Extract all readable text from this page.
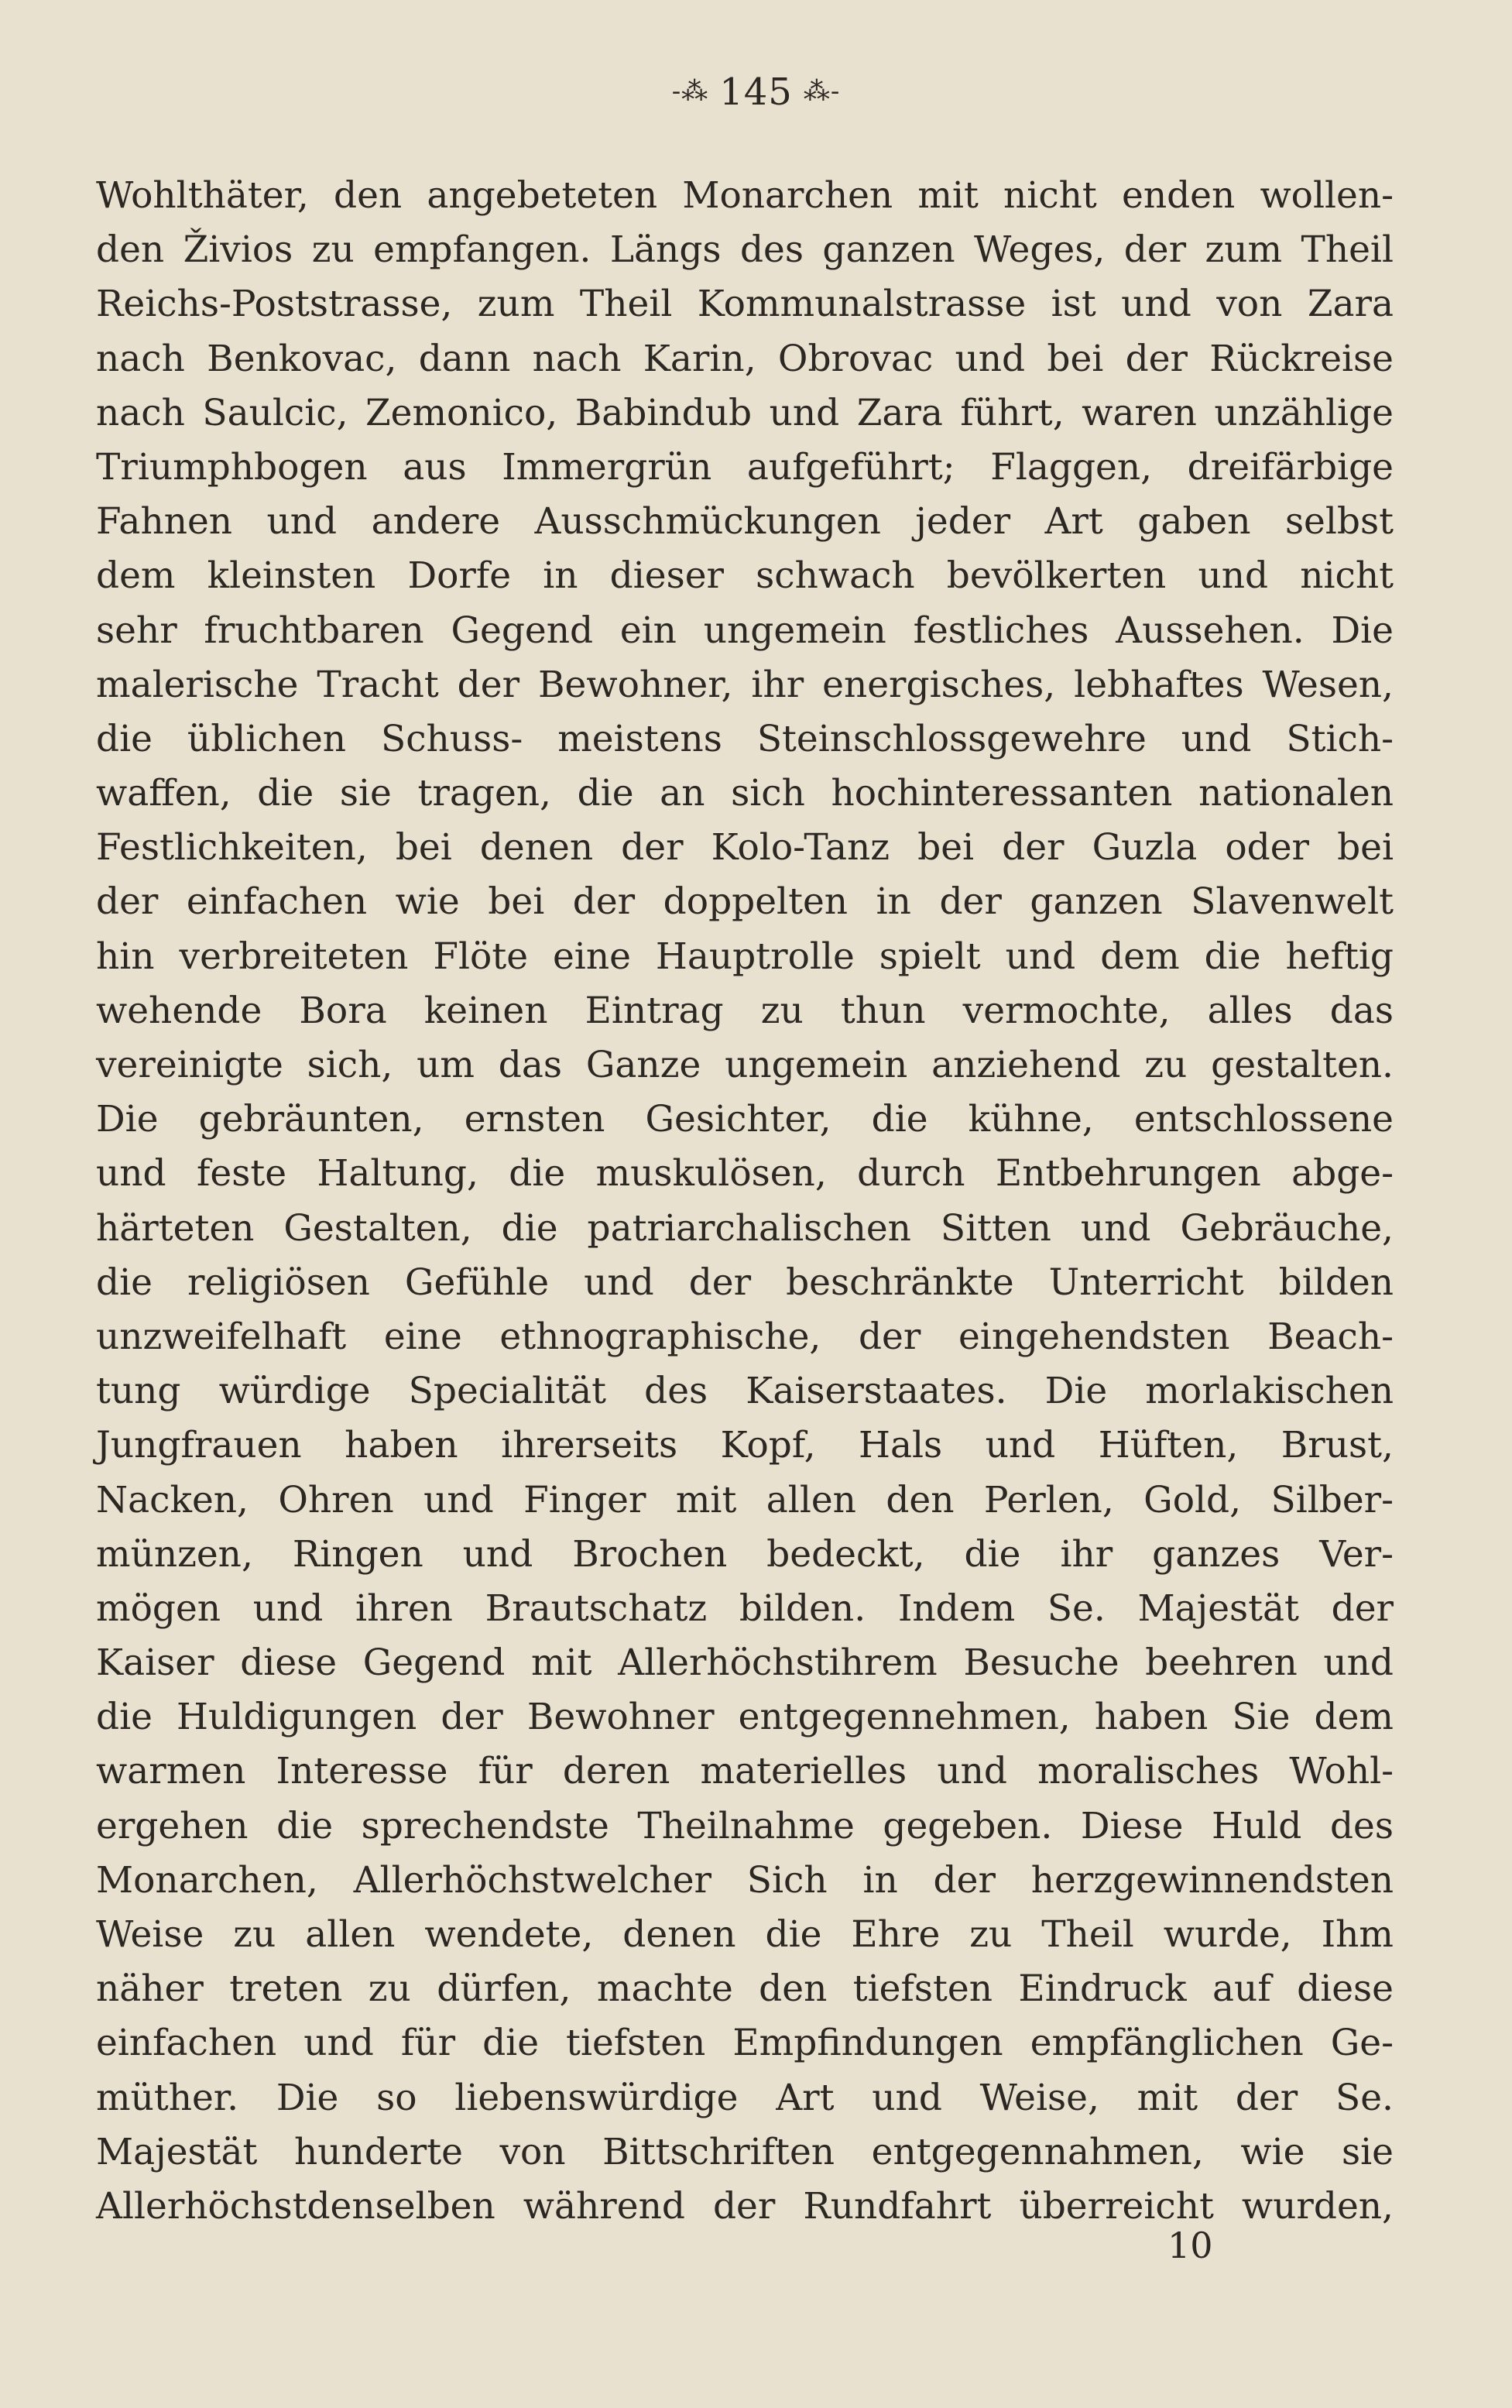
-⁂ 145 ⁂-
Wohlthäter, den angebeteten Monarchen mit nicht enden wollen-
den Živios zu empfangen. Längs des ganzen Weges, der zum Theil
Reichs-Poststrasse, zum Theil Kommunalstrasse ist und von Zara
nach Benkovac, dann nach Karin, Obrovac und bei der Rückreise
nach Saulcic, Zemonico, Babindub und Zara führt, waren unzählige
Triumphbogen aus Immergrün aufgeführt; Flaggen, dreifärbige
Fahnen und andere Ausschmückungen jeder Art gaben selbst
dem kleinsten Dorfe in dieser schwach bevölkerten und nicht
sehr fruchtbaren Gegend ein ungemein festliches Aussehen. Die
malerische Tracht der Bewohner, ihr energisches, lebhaftes Wesen,
die üblichen Schuss- meistens Steinschlossgewehre und Stich-
waffen, die sie tragen, die an sich hochinteressanten nationalen
Festlichkeiten, bei denen der Kolo-Tanz bei der Guzla oder bei
der einfachen wie bei der doppelten in der ganzen Slavenwelt
hin verbreiteten Flöte eine Hauptrolle spielt und dem die heftig
wehende Bora keinen Eintrag zu thun vermochte, alles das
vereinigte sich, um das Ganze ungemein anziehend zu gestalten.
Die gebräunten, ernsten Gesichter, die kühne, entschlossene
und feste Haltung, die muskulösen, durch Entbehrungen abge-
härteten Gestalten, die patriarchalischen Sitten und Gebräuche,
die religiösen Gefühle und der beschränkte Unterricht bilden
unzweifelhaft eine ethnographische, der eingehendsten Beach-
tung würdige Specialität des Kaiserstaates. Die morlakischen
Jungfrauen haben ihrerseits Kopf, Hals und Hüften, Brust,
Nacken, Ohren und Finger mit allen den Perlen, Gold, Silber-
münzen, Ringen und Brochen bedeckt, die ihr ganzes Ver-
mögen und ihren Brautschatz bilden. Indem Se. Majestät der
Kaiser diese Gegend mit Allerhöchstihrem Besuche beehren und
die Huldigungen der Bewohner entgegennehmen, haben Sie dem
warmen Interesse für deren materielles und moralisches Wohl-
ergehen die sprechendste Theilnahme gegeben. Diese Huld des
Monarchen, Allerhöchstwelcher Sich in der herzgewinnendsten
Weise zu allen wendete, denen die Ehre zu Theil wurde, Ihm
näher treten zu dürfen, machte den tiefsten Eindruck auf diese
einfachen und für die tiefsten Empfindungen empfänglichen Ge-
müther. Die so liebenswürdige Art und Weise, mit der Se.
Majestät hunderte von Bittschriften entgegennahmen, wie sie
Allerhöchstdenselben während der Rundfahrt überreicht wurden,
10
